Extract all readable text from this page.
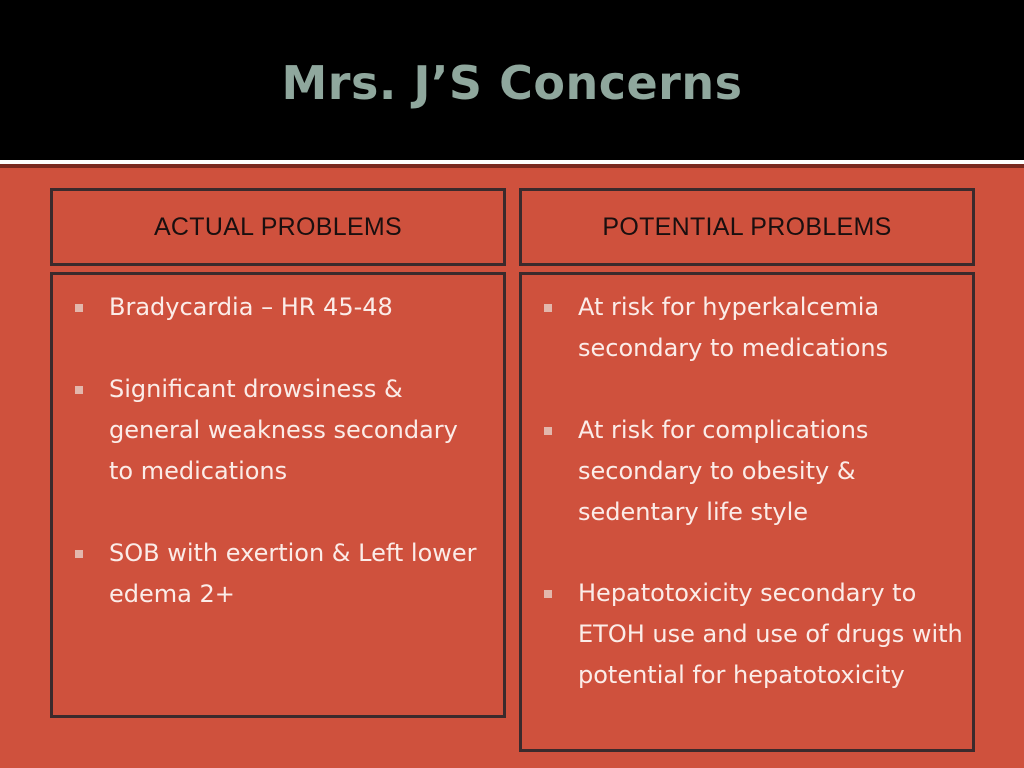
Mrs. J’S Concerns
ACTUAL PROBLEMS
Bradycardia – HR 45-48
Significant drowsiness & general weakness secondary to medications
SOB with exertion & Left lower edema 2+
POTENTIAL PROBLEMS
At risk for hyperkalcemia secondary to medications
At risk for complications secondary to obesity & sedentary life style
Hepatotoxicity secondary to ETOH use and use of drugs with potential for hepatotoxicity
